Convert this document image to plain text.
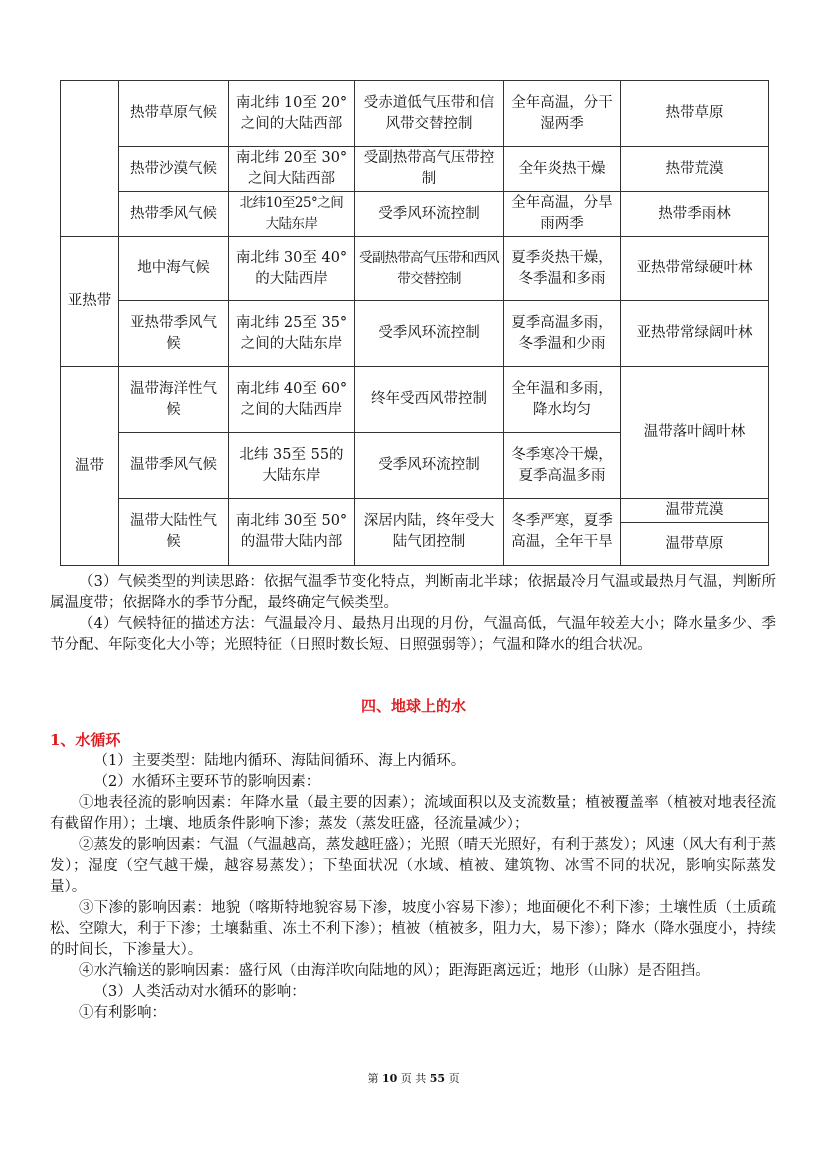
	热带草原气候	南北纬 10至 20°之间的大陆西部	受赤道低气压带和信风带交替控制	全年高温，分干湿两季	热带草原
	热带沙漠气候	南北纬 20至 30°之间大陆西部	受副热带高气压带控制	全年炎热干燥	热带荒漠
	热带季风气候	北纬10至25°之间大陆东岸	受季风环流控制	全年高温，分旱雨两季	热带季雨林
亚热带	地中海气候	南北纬 30至 40°的大陆西岸	受副热带高气压带和西风带交替控制	夏季炎热干燥，冬季温和多雨	亚热带常绿硬叶林
	亚热带季风气候	南北纬 25至 35°之间的大陆东岸	受季风环流控制	夏季高温多雨，冬季温和少雨	亚热带常绿阔叶林
温带	温带海洋性气候	南北纬 40至 60°之间的大陆西岸	终年受西风带控制	全年温和多雨，降水均匀	温带落叶阔叶林
	温带季风气候	北纬 35至 55的大陆东岸	受季风环流控制	冬季寒冷干燥，夏季高温多雨	
	温带大陆性气候	南北纬 30至 50°的温带大陆内部	深居内陆，终年受大陆气团控制	冬季严寒，夏季高温，全年干旱	温带荒漠
					温带草原

（3）气候类型的判读思路：依据气温季节变化特点，判断南北半球；依据最冷月气温或最热月气温，判断所属温度带；依据降水的季节分配，最终确定气候类型。

（4）气候特征的描述方法：气温最冷月、最热月出现的月份，气温高低，气温年较差大小；降水量多少、季节分配、年际变化大小等；光照特征（日照时数长短、日照强弱等）；气温和降水的组合状况。

四、地球上的水
1、水循环

（1）主要类型：陆地内循环、海陆间循环、海上内循环。

（2）水循环主要环节的影响因素：

①地表径流的影响因素：年降水量（最主要的因素）；流域面积以及支流数量；植被覆盖率（植被对地表径流有截留作用）；土壤、地质条件影响下渗；蒸发（蒸发旺盛，径流量减少）；

②蒸发的影响因素：气温（气温越高，蒸发越旺盛）；光照（晴天光照好，有利于蒸发）；风速（风大有利于蒸发）；湿度（空气越干燥，越容易蒸发）；下垫面状况（水域、植被、建筑物、冰雪不同的状况，影响实际蒸发量）。

③下渗的影响因素：地貌（喀斯特地貌容易下渗，坡度小容易下渗）；地面硬化不利下渗；土壤性质（土质疏松、空隙大，利于下渗；土壤黏重、冻土不利下渗）；植被（植被多，阻力大，易下渗）；降水（降水强度小，持续的时间长，下渗量大）。

④水汽输送的影响因素：盛行风（由海洋吹向陆地的风）；距海距离远近；地形（山脉）是否阻挡。

（3）人类活动对水循环的影响：

①有利影响：

第 10 页 共 55 页
